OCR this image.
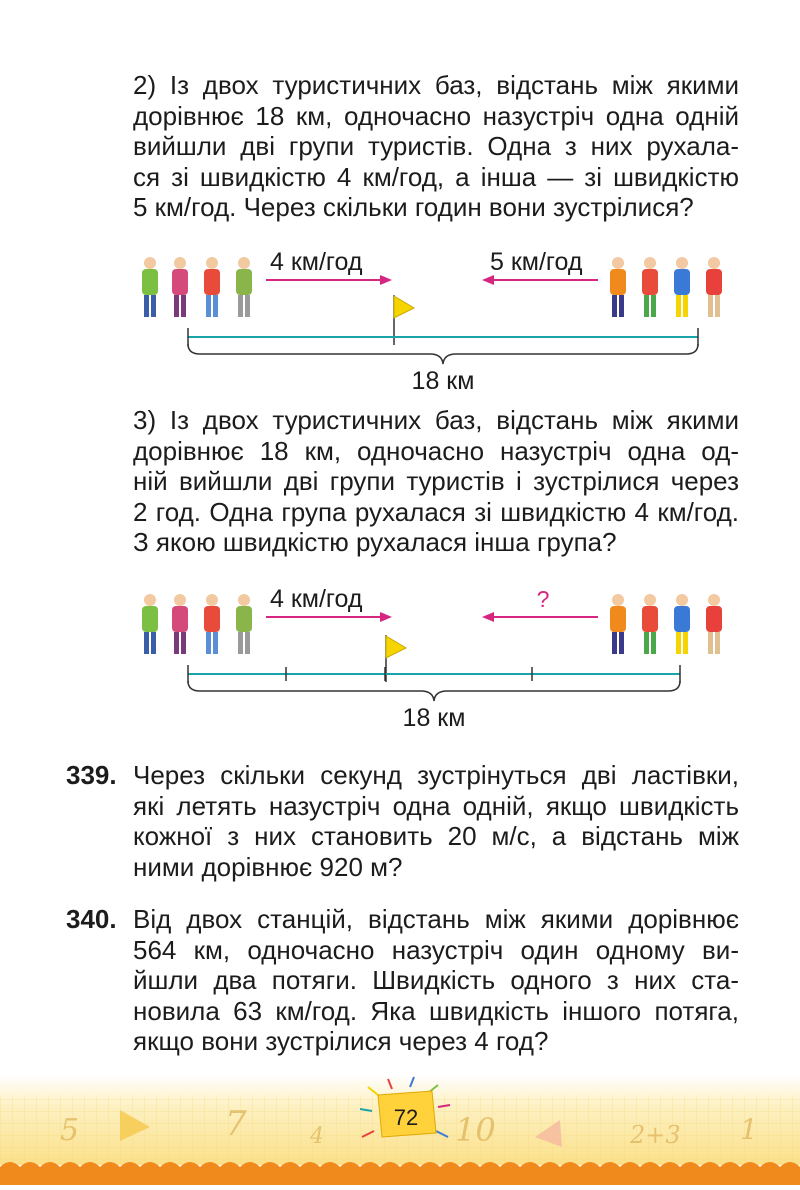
2) Із двох туристичних баз, відстань між якими
дорівнює 18 км, одночасно назустріч одна одній
вийшли дві групи туристів. Одна з них рухала-
ся зі швидкістю 4 км/год, а інша — зі швидкістю
5 км/год. Через скільки годин вони зустрілися?
4 км/год	5 км/год
18 км
3) Із двох туристичних баз, відстань між якими
дорівнює 18 км, одночасно назустріч одна од-
ній вийшли дві групи туристів і зустрілися через
2 год. Одна група рухалася зі швидкістю 4 км/год.
З якою швидкістю рухалася інша група?
4 км/год	?
18 км
339. Через скільки секунд зустрінуться дві ластівки,
які летять назустріч одна одній, якщо швидкість
кожної з них становить 20 м/с, а відстань між
ними дорівнює 920 м?
340. Від двох станцій, відстань між якими дорівнює
564 км, одночасно назустріч один одному ви-
йшли два потяги. Швидкість одного з них ста-
новила 63 км/год. Яка швидкість іншого потяга,
якщо вони зустрілися через 4 год?
5	7	4	10	2+3 1
72
